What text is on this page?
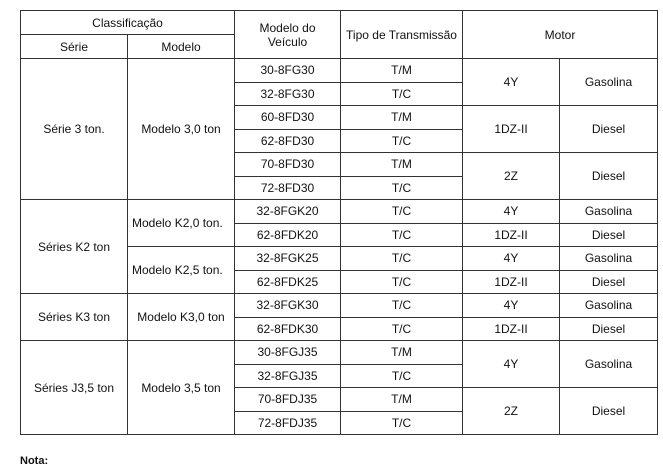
Classificação		Modelo do Veículo	Tipo de Transmissão	Motor	
Série	Modelo				
Série 3 ton.	Modelo 3,0 ton	30-8FG30	T/M	4Y	Gasolina
		32-8FG30	T/C		
		60-8FD30	T/M	1DZ-II	Diesel
		62-8FD30	T/C		
		70-8FD30	T/M	2Z	Diesel
		72-8FD30	T/C		
Séries K2 ton	Modelo K2,0 ton.	32-8FGK20	T/C	4Y	Gasolina
		62-8FDK20	T/C	1DZ-II	Diesel
	Modelo K2,5 ton.	32-8FGK25	T/C	4Y	Gasolina
		62-8FDK25	T/C	1DZ-II	Diesel
Séries K3 ton	Modelo K3,0 ton	32-8FGK30	T/C	4Y	Gasolina
		62-8FDK30	T/C	1DZ-II	Diesel
Séries J3,5 ton	Modelo 3,5 ton	30-8FGJ35	T/M	4Y	Gasolina
		32-8FGJ35	T/C		
		70-8FDJ35	T/M	2Z	Diesel
		72-8FDJ35	T/C		
Nota:
